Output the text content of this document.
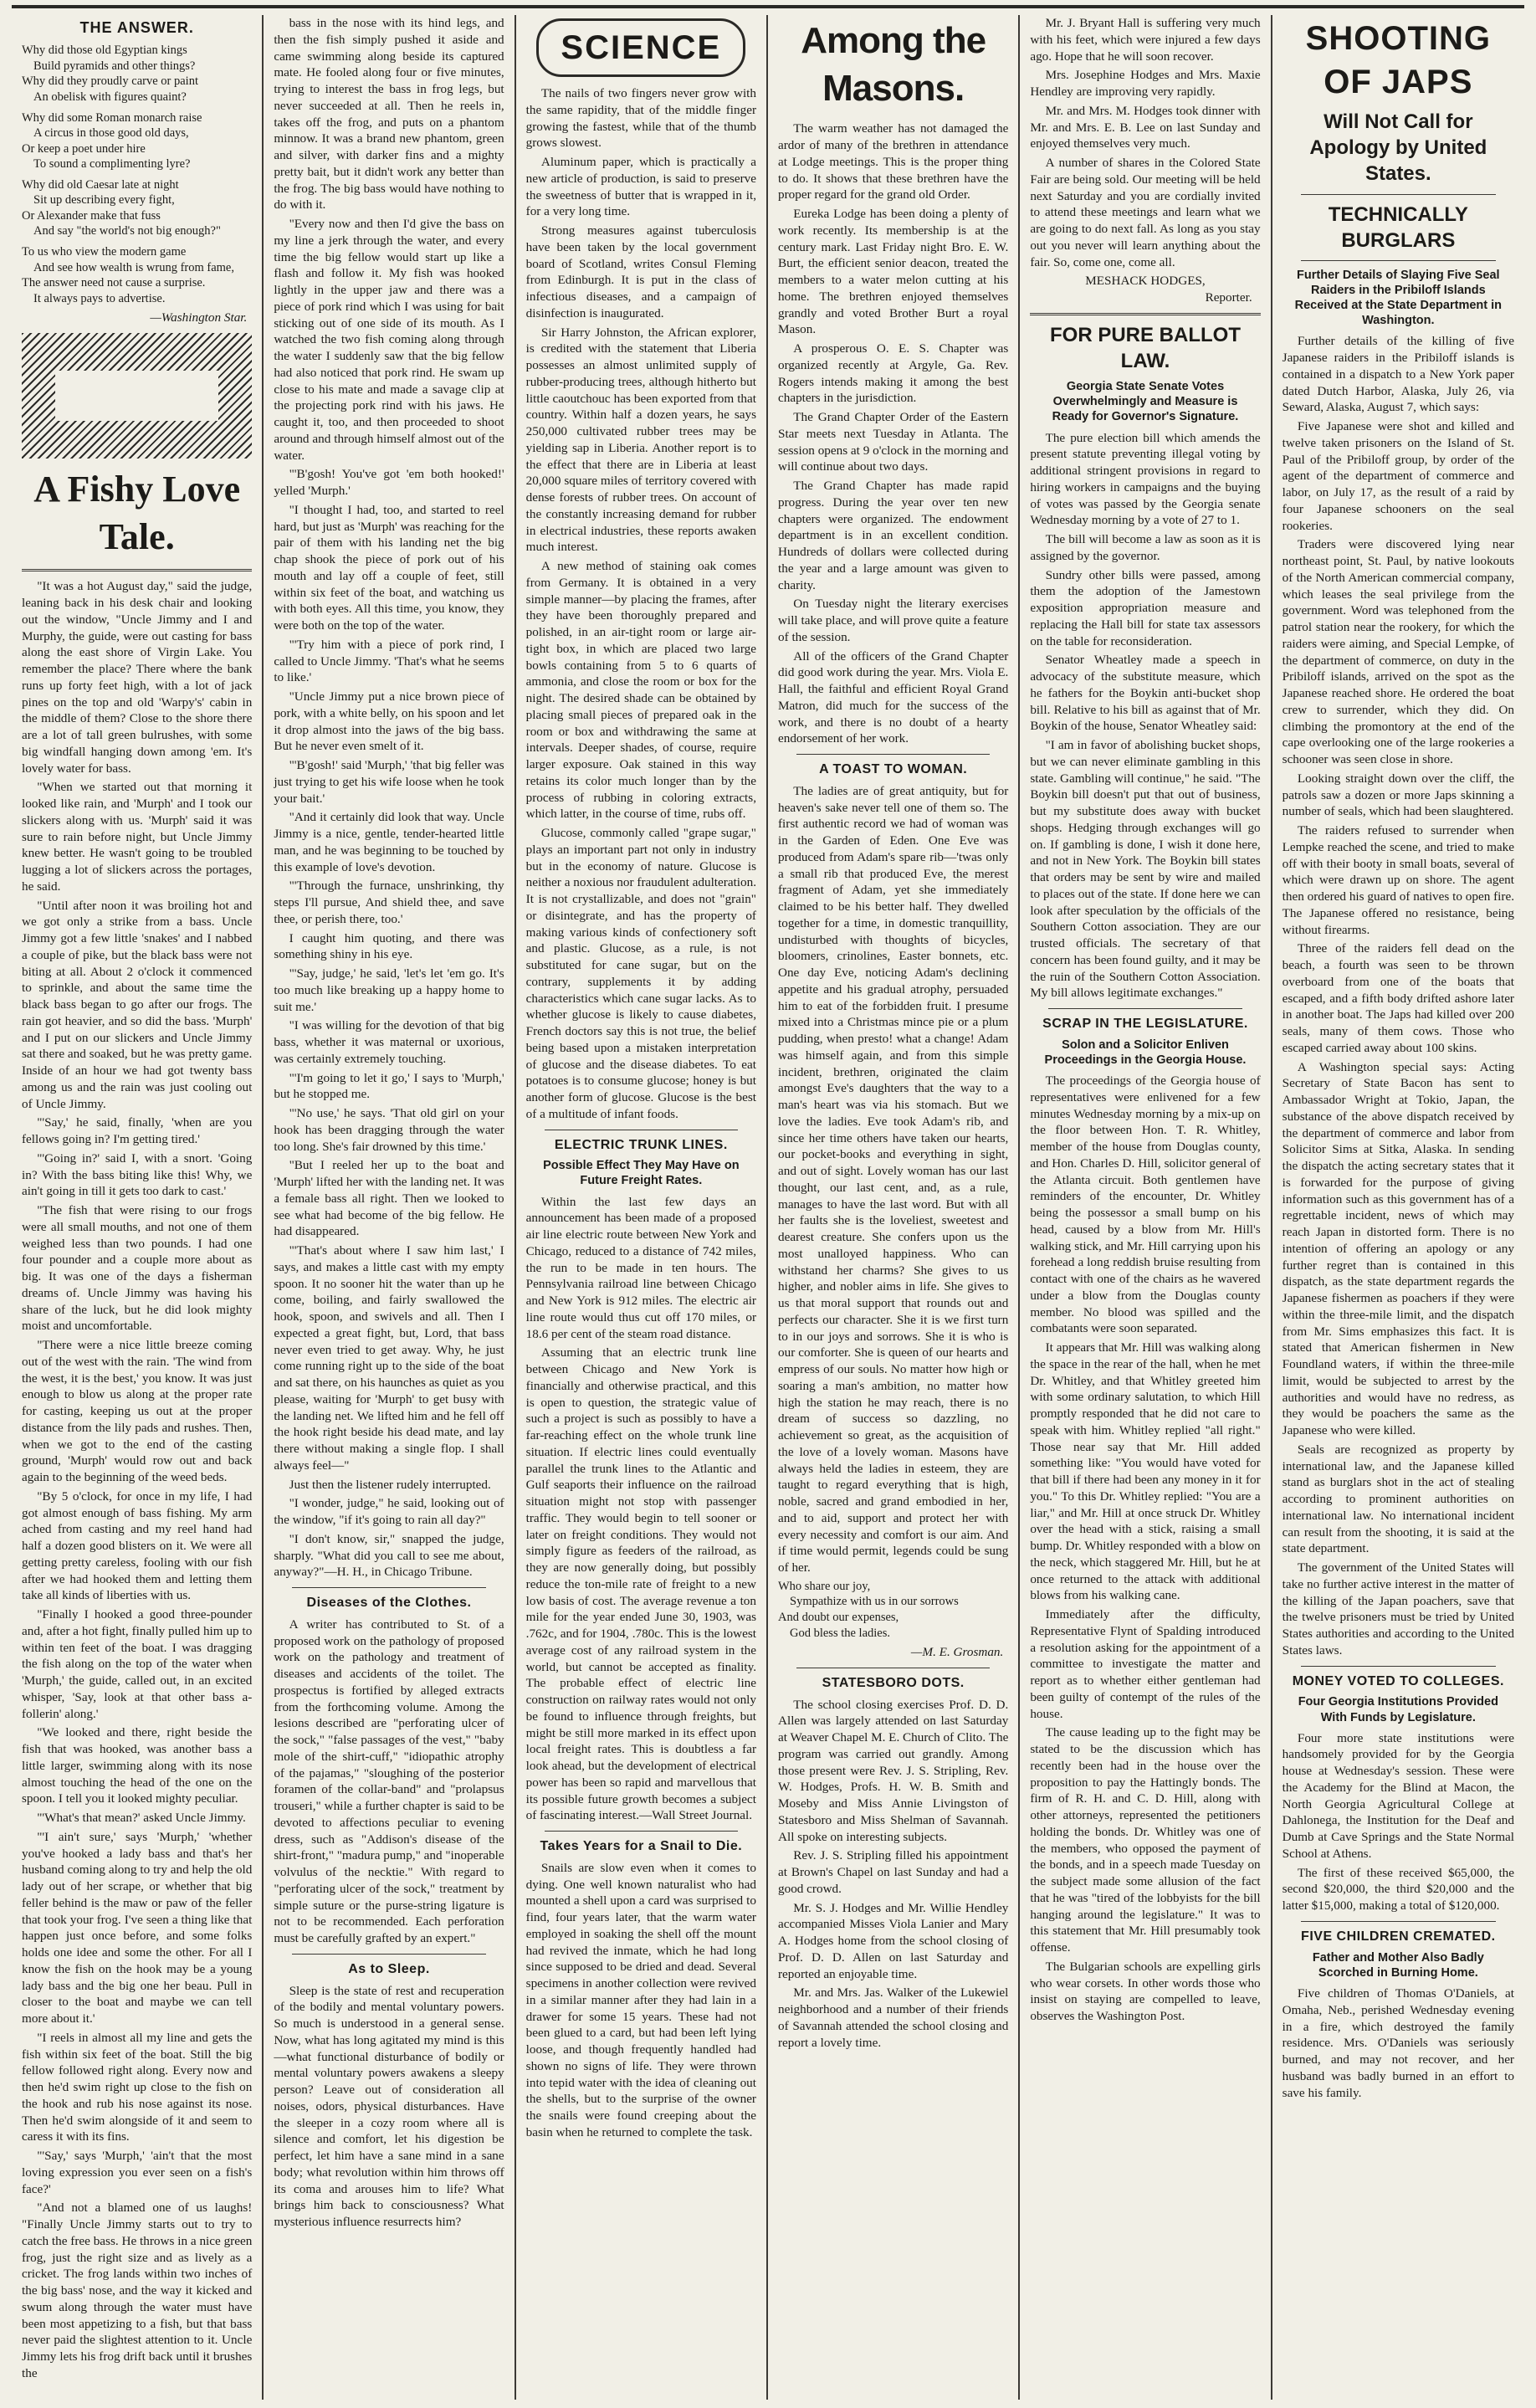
THE ANSWER.
Why did those old Egyptian kings
Build pyramids and other things?
Why did they proudly carve or paint
An obelisk with figures quaint?
Why did some Roman monarch raise
A circus in those good old days,
Or keep a poet under hire
To sound a complimenting lyre?
Why did old Caesar late at night
Sit up describing every fight,
Or Alexander make that fuss
And say "the world's not big enough?"
To us who view the modern game
And see how wealth is wrung from fame,
The answer need not cause a surprise.
It always pays to advertise.
—Washington Star.
A Fishy Love Tale.

"It was a hot August day," said the judge, leaning back in his desk chair and looking out the window, "Uncle Jimmy and I and Murphy, the guide, were out casting for bass along the east shore of Virgin Lake. You remember the place? There where the bank runs up forty feet high, with a lot of jack pines on the top and old 'Warpy's' cabin in the middle of them? Close to the shore there are a lot of tall green bulrushes, with some big windfall hanging down among 'em. It's lovely water for bass.

"When we started out that morning it looked like rain, and 'Murph' and I took our slickers along with us. 'Murph' said it was sure to rain before night, but Uncle Jimmy knew better. He wasn't going to be troubled lugging a lot of slickers across the portages, he said.

"Until after noon it was broiling hot and we got only a strike from a bass. Uncle Jimmy got a few little 'snakes' and I nabbed a couple of pike, but the black bass were not biting at all. About 2 o'clock it commenced to sprinkle, and about the same time the black bass began to go after our frogs. The rain got heavier, and so did the bass. 'Murph' and I put on our slickers and Uncle Jimmy sat there and soaked, but he was pretty game. Inside of an hour we had got twenty bass among us and the rain was just cooling out of Uncle Jimmy.

"'Say,' he said, finally, 'when are you fellows going in? I'm getting tired.'

"'Going in?' said I, with a snort. 'Going in? With the bass biting like this! Why, we ain't going in till it gets too dark to cast.'

"The fish that were rising to our frogs were all small mouths, and not one of them weighed less than two pounds. I had one four pounder and a couple more about as big. It was one of the days a fisherman dreams of. Uncle Jimmy was having his share of the luck, but he did look mighty moist and uncomfortable.

"There were a nice little breeze coming out of the west with the rain. 'The wind from the west, it is the best,' you know. It was just enough to blow us along at the proper rate for casting, keeping us out at the proper distance from the lily pads and rushes. Then, when we got to the end of the casting ground, 'Murph' would row out and back again to the beginning of the weed beds.

"By 5 o'clock, for once in my life, I had got almost enough of bass fishing. My arm ached from casting and my reel hand had half a dozen good blisters on it. We were all getting pretty careless, fooling with our fish after we had hooked them and letting them take all kinds of liberties with us.

"Finally I hooked a good three-pounder and, after a hot fight, finally pulled him up to within ten feet of the boat. I was dragging the fish along on the top of the water when 'Murph,' the guide, called out, in an excited whisper, 'Say, look at that other bass a-follerin' along.'

"We looked and there, right beside the fish that was hooked, was another bass a little larger, swimming along with its nose almost touching the head of the one on the spoon. I tell you it looked mighty peculiar.

"'What's that mean?' asked Uncle Jimmy.

"'I ain't sure,' says 'Murph,' 'whether you've hooked a lady bass and that's her husband coming along to try and help the old lady out of her scrape, or whether that big feller behind is the maw or paw of the feller that took your frog. I've seen a thing like that happen just once before, and some folks holds one idee and some the other. For all I know the fish on the hook may be a young lady bass and the big one her beau. Pull in closer to the boat and maybe we can tell more about it.'

"I reels in almost all my line and gets the fish within six feet of the boat. Still the big fellow followed right along. Every now and then he'd swim right up close to the fish on the hook and rub his nose against its nose. Then he'd swim alongside of it and seem to caress it with its fins.

"'Say,' says 'Murph,' 'ain't that the most loving expression you ever seen on a fish's face?'

"And not a blamed one of us laughs! "Finally Uncle Jimmy starts out to try to catch the free bass. He throws in a nice green frog, just the right size and as lively as a cricket. The frog lands within two inches of the big bass' nose, and the way it kicked and swum along through the water must have been most appetizing to a fish, but that bass never paid the slightest attention to it. Uncle Jimmy lets his frog drift back until it brushes the

bass in the nose with its hind legs, and then the fish simply pushed it aside and came swimming along beside its captured mate. He fooled along four or five minutes, trying to interest the bass in frog legs, but never succeeded at all. Then he reels in, takes off the frog, and puts on a phantom minnow. It was a brand new phantom, green and silver, with darker fins and a mighty pretty bait, but it didn't work any better than the frog. The big bass would have nothing to do with it.

"Every now and then I'd give the bass on my line a jerk through the water, and every time the big fellow would start up like a flash and follow it. My fish was hooked lightly in the upper jaw and there was a piece of pork rind which I was using for bait sticking out of one side of its mouth. As I watched the two fish coming along through the water I suddenly saw that the big fellow had also noticed that pork rind. He swam up close to his mate and made a savage clip at the projecting pork rind with his jaws. He caught it, too, and then proceeded to shoot around and through himself almost out of the water.

"'B'gosh! You've got 'em both hooked!' yelled 'Murph.'

"I thought I had, too, and started to reel hard, but just as 'Murph' was reaching for the pair of them with his landing net the big chap shook the piece of pork out of his mouth and lay off a couple of feet, still within six feet of the boat, and watching us with both eyes. All this time, you know, they were both on the top of the water.

"'Try him with a piece of pork rind, I called to Uncle Jimmy. 'That's what he seems to like.'

"Uncle Jimmy put a nice brown piece of pork, with a white belly, on his spoon and let it drop almost into the jaws of the big bass. But he never even smelt of it.

"'B'gosh!' said 'Murph,' 'that big feller was just trying to get his wife loose when he took your bait.'

"And it certainly did look that way. Uncle Jimmy is a nice, gentle, tender-hearted little man, and he was beginning to be touched by this example of love's devotion.

"'Through the furnace, unshrinking, thy steps I'll pursue, And shield thee, and save thee, or perish there, too.'

I caught him quoting, and there was something shiny in his eye.

"'Say, judge,' he said, 'let's let 'em go. It's too much like breaking up a happy home to suit me.'

"I was willing for the devotion of that big bass, whether it was maternal or uxorious, was certainly extremely touching.

"'I'm going to let it go,' I says to 'Murph,' but he stopped me.

"'No use,' he says. 'That old girl on your hook has been dragging through the water too long. She's fair drowned by this time.'

"But I reeled her up to the boat and 'Murph' lifted her with the landing net. It was a female bass all right. Then we looked to see what had become of the big fellow. He had disappeared.

"'That's about where I saw him last,' I says, and makes a little cast with my empty spoon. It no sooner hit the water than up he come, boiling, and fairly swallowed the hook, spoon, and swivels and all. Then I expected a great fight, but, Lord, that bass never even tried to get away. Why, he just come running right up to the side of the boat and sat there, on his haunches as quiet as you please, waiting for 'Murph' to get busy with the landing net. We lifted him and he fell off the hook right beside his dead mate, and lay there without making a single flop. I shall always feel—"

Just then the listener rudely interrupted.

"I wonder, judge," he said, looking out of the window, "if it's going to rain all day?"

"I don't know, sir," snapped the judge, sharply. "What did you call to see me about, anyway?"—H. H., in Chicago Tribune.

Diseases of the Clothes.

A writer has contributed to St. of a proposed work on the pathology of proposed work on the pathology and treatment of diseases and accidents of the toilet. The prospectus is fortified by alleged extracts from the forthcoming volume. Among the lesions described are "perforating ulcer of the sock," "false passages of the vest," "baby mole of the shirt-cuff," "idiopathic atrophy of the pajamas," "sloughing of the posterior foramen of the collar-band" and "prolapsus trouseri," while a further chapter is said to be devoted to affections peculiar to evening dress, such as "Addison's disease of the shirt-front," "madura pump," and "inoperable volvulus of the necktie." With regard to "perforating ulcer of the sock," treatment by simple suture or the purse-string ligature is not to be recommended. Each perforation must be carefully grafted by an expert."

As to Sleep.

Sleep is the state of rest and recuperation of the bodily and mental voluntary powers. So much is understood in a general sense. Now, what has long agitated my mind is this—what functional disturbance of bodily or mental voluntary powers awakens a sleepy person? Leave out of consideration all noises, odors, physical disturbances. Have the sleeper in a cozy room where all is silence and comfort, let his digestion be perfect, let him have a sane mind in a sane body; what revolution within him throws off its coma and arouses him to life? What brings him back to consciousness? What mysterious influence resurrects him?

SCIENCE

The nails of two fingers never grow with the same rapidity, that of the middle finger growing the fastest, while that of the thumb grows slowest.

Aluminum paper, which is practically a new article of production, is said to preserve the sweetness of butter that is wrapped in it, for a very long time.

Strong measures against tuberculosis have been taken by the local government board of Scotland, writes Consul Fleming from Edinburgh. It is put in the class of infectious diseases, and a campaign of disinfection is inaugurated.

Sir Harry Johnston, the African explorer, is credited with the statement that Liberia possesses an almost unlimited supply of rubber-producing trees, although hitherto but little caoutchouc has been exported from that country. Within half a dozen years, he says 250,000 cultivated rubber trees may be yielding sap in Liberia. Another report is to the effect that there are in Liberia at least 20,000 square miles of territory covered with dense forests of rubber trees. On account of the constantly increasing demand for rubber in electrical industries, these reports awaken much interest.

A new method of staining oak comes from Germany. It is obtained in a very simple manner—by placing the frames, after they have been thoroughly prepared and polished, in an air-tight room or large air-tight box, in which are placed two large bowls containing from 5 to 6 quarts of ammonia, and close the room or box for the night. The desired shade can be obtained by placing small pieces of prepared oak in the room or box and withdrawing the same at intervals. Deeper shades, of course, require larger exposure. Oak stained in this way retains its color much longer than by the process of rubbing in coloring extracts, which latter, in the course of time, rubs off.

Glucose, commonly called "grape sugar," plays an important part not only in industry but in the economy of nature. Glucose is neither a noxious nor fraudulent adulteration. It is not crystallizable, and does not "grain" or disintegrate, and has the property of making various kinds of confectionery soft and plastic. Glucose, as a rule, is not substituted for cane sugar, but on the contrary, supplements it by adding characteristics which cane sugar lacks. As to whether glucose is likely to cause diabetes, French doctors say this is not true, the belief being based upon a mistaken interpretation of glucose and the disease diabetes. To eat potatoes is to consume glucose; honey is but another form of glucose. Glucose is the best of a multitude of infant foods.

ELECTRIC TRUNK LINES.
Possible Effect They May Have on Future Freight Rates.

Within the last few days an announcement has been made of a proposed air line electric route between New York and Chicago, reduced to a distance of 742 miles, the run to be made in ten hours. The Pennsylvania railroad line between Chicago and New York is 912 miles. The electric air line route would thus cut off 170 miles, or 18.6 per cent of the steam road distance.

Assuming that an electric trunk line between Chicago and New York is financially and otherwise practical, and this is open to question, the strategic value of such a project is such as possibly to have a far-reaching effect on the whole trunk line situation. If electric lines could eventually parallel the trunk lines to the Atlantic and Gulf seaports their influence on the railroad situation might not stop with passenger traffic. They would begin to tell sooner or later on freight conditions. They would not simply figure as feeders of the railroad, as they are now generally doing, but possibly reduce the ton-mile rate of freight to a new low basis of cost. The average revenue a ton mile for the year ended June 30, 1903, was .762c, and for 1904, .780c. This is the lowest average cost of any railroad system in the world, but cannot be accepted as finality. The probable effect of electric line construction on railway rates would not only be found to influence through freights, but might be still more marked in its effect upon local freight rates. This is doubtless a far look ahead, but the development of electrical power has been so rapid and marvellous that its possible future growth becomes a subject of fascinating interest.—Wall Street Journal.

Takes Years for a Snail to Die.

Snails are slow even when it comes to dying. One well known naturalist who had mounted a shell upon a card was surprised to find, four years later, that the warm water employed in soaking the shell off the mount had revived the inmate, which he had long since supposed to be dried and dead. Several specimens in another collection were revived in a similar manner after they had lain in a drawer for some 15 years. These had not been glued to a card, but had been left lying loose, and though frequently handled had shown no signs of life. They were thrown into tepid water with the idea of cleaning out the shells, but to the surprise of the owner the snails were found creeping about the basin when he returned to complete the task.

Among the Masons.

The warm weather has not damaged the ardor of many of the brethren in attendance at Lodge meetings. This is the proper thing to do. It shows that these brethren have the proper regard for the grand old Order.

Eureka Lodge has been doing a plenty of work recently. Its membership is at the century mark. Last Friday night Bro. E. W. Burt, the efficient senior deacon, treated the members to a water melon cutting at his home. The brethren enjoyed themselves grandly and voted Brother Burt a royal Mason.

A prosperous O. E. S. Chapter was organized recently at Argyle, Ga. Rev. Rogers intends making it among the best chapters in the jurisdiction.

The Grand Chapter Order of the Eastern Star meets next Tuesday in Atlanta. The session opens at 9 o'clock in the morning and will continue about two days.

The Grand Chapter has made rapid progress. During the year over ten new chapters were organized. The endowment department is in an excellent condition. Hundreds of dollars were collected during the year and a large amount was given to charity.

On Tuesday night the literary exercises will take place, and will prove quite a feature of the session.

All of the officers of the Grand Chapter did good work during the year. Mrs. Viola E. Hall, the faithful and efficient Royal Grand Matron, did much for the success of the work, and there is no doubt of a hearty endorsement of her work.

A TOAST TO WOMAN.

The ladies are of great antiquity, but for heaven's sake never tell one of them so. The first authentic record we had of woman was in the Garden of Eden. One Eve was produced from Adam's spare rib—'twas only a small rib that produced Eve, the merest fragment of Adam, yet she immediately claimed to be his better half. They dwelled together for a time, in domestic tranquillity, undisturbed with thoughts of bicycles, bloomers, crinolines, Easter bonnets, etc. One day Eve, noticing Adam's declining appetite and his gradual atrophy, persuaded him to eat of the forbidden fruit. I presume mixed into a Christmas mince pie or a plum pudding, when presto! what a change! Adam was himself again, and from this simple incident, brethren, originated the claim amongst Eve's daughters that the way to a man's heart was via his stomach. But we love the ladies. Eve took Adam's rib, and since her time others have taken our hearts, our pocket-books and everything in sight, and out of sight. Lovely woman has our last thought, our last cent, and, as a rule, manages to have the last word. But with all her faults she is the loveliest, sweetest and dearest creature. She confers upon us the most unalloyed happiness. Who can withstand her charms? She gives to us higher, and nobler aims in life. She gives to us that moral support that rounds out and perfects our character. She it is we first turn to in our joys and sorrows. She it is who is our comforter. She is queen of our hearts and empress of our souls. No matter how high or soaring a man's ambition, no matter how high the station he may reach, there is no dream of success so dazzling, no achievement so great, as the acquisition of the love of a lovely woman. Masons have always held the ladies in esteem, they are taught to regard everything that is high, noble, sacred and grand embodied in her, and to aid, support and protect her with every necessity and comfort is our aim. And if time would permit, legends could be sung of her.

Who share our joy,
Sympathize with us in our sorrows
And doubt our expenses,
God bless the ladies.
—M. E. Grosman.
STATESBORO DOTS.

The school closing exercises Prof. D. D. Allen was largely attended on last Saturday at Weaver Chapel M. E. Church of Clito. The program was carried out grandly. Among those present were Rev. J. S. Stripling, Rev. W. Hodges, Profs. H. W. B. Smith and Moseby and Miss Annie Livingston of Statesboro and Miss Shelman of Savannah. All spoke on interesting subjects.

Rev. J. S. Stripling filled his appointment at Brown's Chapel on last Sunday and had a good crowd.

Mr. S. J. Hodges and Mr. Willie Hendley accompanied Misses Viola Lanier and Mary A. Hodges home from the school closing of Prof. D. D. Allen on last Saturday and reported an enjoyable time.

Mr. and Mrs. Jas. Walker of the Lukewiel neighborhood and a number of their friends of Savannah attended the school closing and report a lovely time.

Mr. J. Bryant Hall is suffering very much with his feet, which were injured a few days ago. Hope that he will soon recover.

Mrs. Josephine Hodges and Mrs. Maxie Hendley are improving very rapidly.

Mr. and Mrs. M. Hodges took dinner with Mr. and Mrs. E. B. Lee on last Sunday and enjoyed themselves very much.

A number of shares in the Colored State Fair are being sold. Our meeting will be held next Saturday and you are cordially invited to attend these meetings and learn what we are going to do next fall. As long as you stay out you never will learn anything about the fair. So, come one, come all.

MESHACK HODGES,
Reporter.
FOR PURE BALLOT LAW.
Georgia State Senate Votes Overwhelmingly and Measure is Ready for Governor's Signature.

The pure election bill which amends the present statute preventing illegal voting by additional stringent provisions in regard to hiring workers in campaigns and the buying of votes was passed by the Georgia senate Wednesday morning by a vote of 27 to 1.

The bill will become a law as soon as it is assigned by the governor.

Sundry other bills were passed, among them the adoption of the Jamestown exposition appropriation measure and replacing the Hall bill for state tax assessors on the table for reconsideration.

Senator Wheatley made a speech in advocacy of the substitute measure, which he fathers for the Boykin anti-bucket shop bill. Relative to his bill as against that of Mr. Boykin of the house, Senator Wheatley said:

"I am in favor of abolishing bucket shops, but we can never eliminate gambling in this state. Gambling will continue," he said. "The Boykin bill doesn't put that out of business, but my substitute does away with bucket shops. Hedging through exchanges will go on. If gambling is done, I wish it done here, and not in New York. The Boykin bill states that orders may be sent by wire and mailed to places out of the state. If done here we can look after speculation by the officials of the Southern Cotton association. They are our trusted officials. The secretary of that concern has been found guilty, and it may be the ruin of the Southern Cotton Association. My bill allows legitimate exchanges."

SCRAP IN THE LEGISLATURE.
Solon and a Solicitor Enliven Proceedings in the Georgia House.

The proceedings of the Georgia house of representatives were enlivened for a few minutes Wednesday morning by a mix-up on the floor between Hon. T. R. Whitley, member of the house from Douglas county, and Hon. Charles D. Hill, solicitor general of the Atlanta circuit. Both gentlemen have reminders of the encounter, Dr. Whitley being the possessor a small bump on his head, caused by a blow from Mr. Hill's walking stick, and Mr. Hill carrying upon his forehead a long reddish bruise resulting from contact with one of the chairs as he wavered under a blow from the Douglas county member. No blood was spilled and the combatants were soon separated.

It appears that Mr. Hill was walking along the space in the rear of the hall, when he met Dr. Whitley, and that Whitley greeted him with some ordinary salutation, to which Hill promptly responded that he did not care to speak with him. Whitley replied "all right." Those near say that Mr. Hill added something like: "You would have voted for that bill if there had been any money in it for you." To this Dr. Whitley replied: "You are a liar," and Mr. Hill at once struck Dr. Whitley over the head with a stick, raising a small bump. Dr. Whitley responded with a blow on the neck, which staggered Mr. Hill, but he at once returned to the attack with additional blows from his walking cane.

Immediately after the difficulty, Representative Flynt of Spalding introduced a resolution asking for the appointment of a committee to investigate the matter and report as to whether either gentleman had been guilty of contempt of the rules of the house.

The cause leading up to the fight may be stated to be the discussion which has recently been had in the house over the proposition to pay the Hattingly bonds. The firm of R. H. and C. D. Hill, along with other attorneys, represented the petitioners holding the bonds. Dr. Whitley was one of the members, who opposed the payment of the bonds, and in a speech made Tuesday on the subject made some allusion of the fact that he was "tired of the lobbyists for the bill hanging around the legislature." It was to this statement that Mr. Hill presumably took offense.

The Bulgarian schools are expelling girls who wear corsets. In other words those who insist on staying are compelled to leave, observes the Washington Post.

SHOOTING OF JAPS
Will Not Call for Apology by United States.
TECHNICALLY BURGLARS
Further Details of Slaying Five Seal Raiders in the Pribiloff Islands Received at the State Department in Washington.

Further details of the killing of five Japanese raiders in the Pribiloff islands is contained in a dispatch to a New York paper dated Dutch Harbor, Alaska, July 26, via Seward, Alaska, August 7, which says:

Five Japanese were shot and killed and twelve taken prisoners on the Island of St. Paul of the Pribiloff group, by order of the agent of the department of commerce and labor, on July 17, as the result of a raid by four Japanese schooners on the seal rookeries.

Traders were discovered lying near northeast point, St. Paul, by native lookouts of the North American commercial company, which leases the seal privilege from the government. Word was telephoned from the patrol station near the rookery, for which the raiders were aiming, and Special Lempke, of the department of commerce, on duty in the Pribiloff islands, arrived on the spot as the Japanese reached shore. He ordered the boat crew to surrender, which they did. On climbing the promontory at the end of the cape overlooking one of the large rookeries a schooner was seen close in shore.

Looking straight down over the cliff, the patrols saw a dozen or more Japs skinning a number of seals, which had been slaughtered.

The raiders refused to surrender when Lempke reached the scene, and tried to make off with their booty in small boats, several of which were drawn up on shore. The agent then ordered his guard of natives to open fire. The Japanese offered no resistance, being without firearms.

Three of the raiders fell dead on the beach, a fourth was seen to be thrown overboard from one of the boats that escaped, and a fifth body drifted ashore later in another boat. The Japs had killed over 200 seals, many of them cows. Those who escaped carried away about 100 skins.

A Washington special says: Acting Secretary of State Bacon has sent to Ambassador Wright at Tokio, Japan, the substance of the above dispatch received by the department of commerce and labor from Solicitor Sims at Sitka, Alaska. In sending the dispatch the acting secretary states that it is forwarded for the purpose of giving information such as this government has of a regrettable incident, news of which may reach Japan in distorted form. There is no intention of offering an apology or any further regret than is contained in this dispatch, as the state department regards the Japanese fishermen as poachers if they were within the three-mile limit, and the dispatch from Mr. Sims emphasizes this fact. It is stated that American fishermen in New Foundland waters, if within the three-mile limit, would be subjected to arrest by the authorities and would have no redress, as they would be poachers the same as the Japanese who were killed.

Seals are recognized as property by international law, and the Japanese killed stand as burglars shot in the act of stealing according to prominent authorities on international law. No international incident can result from the shooting, it is said at the state department.

The government of the United States will take no further active interest in the matter of the killing of the Japan poachers, save that the twelve prisoners must be tried by United States authorities and according to the United States laws.

MONEY VOTED TO COLLEGES.
Four Georgia Institutions Provided With Funds by Legislature.

Four more state institutions were handsomely provided for by the Georgia house at Wednesday's session. These were the Academy for the Blind at Macon, the North Georgia Agricultural College at Dahlonega, the Institution for the Deaf and Dumb at Cave Springs and the State Normal School at Athens.

The first of these received $65,000, the second $20,000, the third $20,000 and the latter $15,000, making a total of $120,000.

FIVE CHILDREN CREMATED.
Father and Mother Also Badly Scorched in Burning Home.

Five children of Thomas O'Daniels, at Omaha, Neb., perished Wednesday evening in a fire, which destroyed the family residence. Mrs. O'Daniels was seriously burned, and may not recover, and her husband was badly burned in an effort to save his family.
